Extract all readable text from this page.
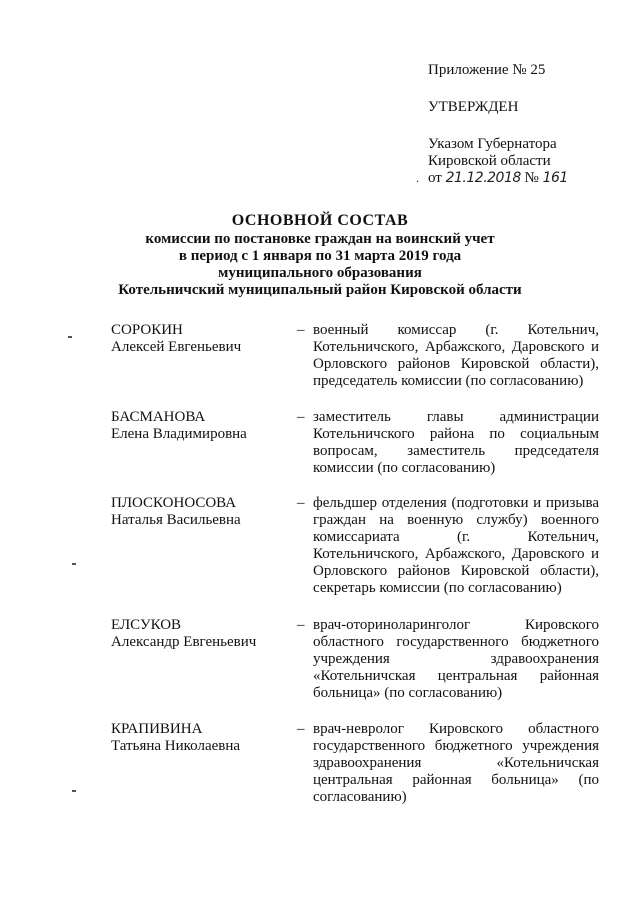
Приложение № 25
УТВЕРЖДЕН
Указом Губернатора
Кировской области
. от 21.12.2018 № 161
ОСНОВНОЙ СОСТАВ
комиссии по постановке граждан на воинский учет
в период с 1 января по 31 марта 2019 года
муниципального образования
Котельничский муниципальный район Кировской области
СОРОКИН
Алексей Евгеньевич
– военный комиссар (г. Котельнич, Котельничского, Арбажского, Даровского и Орловского районов Кировской области), председатель комиссии (по согласованию)
БАСМАНОВА
Елена Владимировна
– заместитель главы администрации Котельничского района по социальным вопросам, заместитель председателя комиссии (по согласованию)
ПЛОСКОНОСОВА
Наталья Васильевна
– фельдшер отделения (подготовки и призыва граждан на военную службу) военного комиссариата (г. Котельнич, Котельничского, Арбажского, Даровского и Орловского районов Кировской области), секретарь комиссии (по согласованию)
ЕЛСУКОВ
Александр Евгеньевич
– врач-оториноларинголог Кировского областного государственного бюджетного учреждения здравоохранения «Котельничская центральная районная больница» (по согласованию)
КРАПИВИНА
Татьяна Николаевна
– врач-невролог Кировского областного государственного бюджетного учреждения здравоохранения «Котельничская центральная районная больница» (по согласованию)
